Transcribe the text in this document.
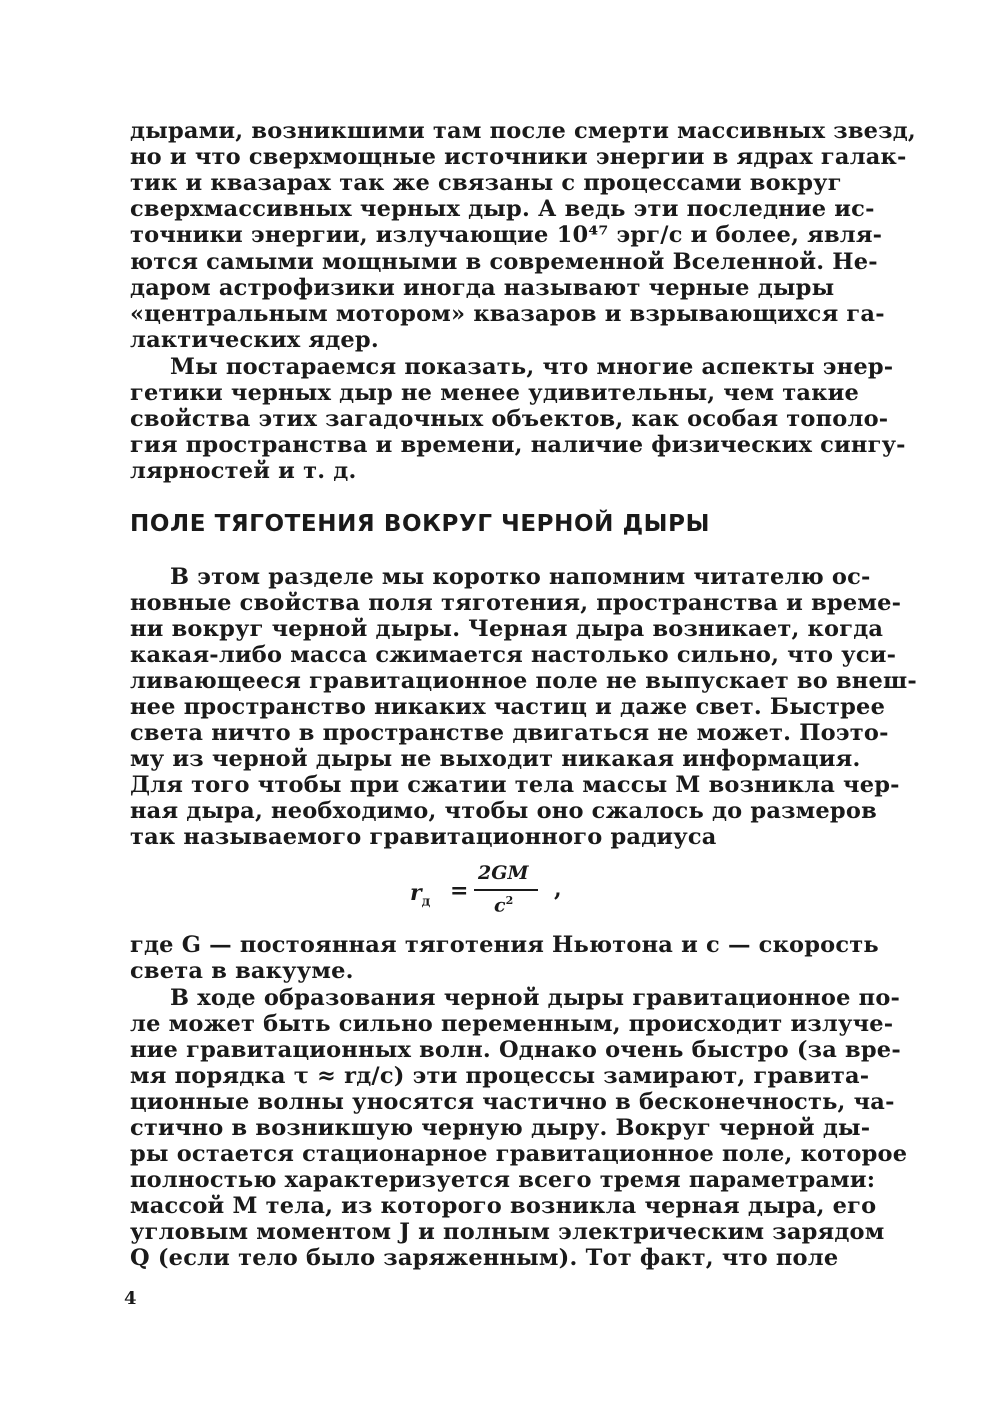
дырами, возникшими там после смерти массивных звезд,
но и что сверхмощные источники энергии в ядрах галак-
тик и квазарах так же связаны с процессами вокруг
сверхмассивных черных дыр. А ведь эти последние ис-
точники энергии, излучающие 10⁴⁷ эрг/с и более, явля-
ются самыми мощными в современной Вселенной. Не-
даром астрофизики иногда называют черные дыры
«центральным мотором» квазаров и взрывающихся га-
лактических ядер.
Мы постараемся показать, что многие аспекты энер-
гетики черных дыр не менее удивительны, чем такие
свойства этих загадочных объектов, как особая тополо-
гия пространства и времени, наличие физических сингу-
лярностей и т. д.
ПОЛЕ ТЯГОТЕНИЯ ВОКРУГ ЧЕРНОЙ ДЫРЫ
В этом разделе мы коротко напомним читателю ос-
новные свойства поля тяготения, пространства и време-
ни вокруг черной дыры. Черная дыра возникает, когда
какая-либо масса сжимается настолько сильно, что уси-
ливающееся гравитационное поле не выпускает во внеш-
нее пространство никаких частиц и даже свет. Быстрее
света ничто в пространстве двигаться не может. Поэто-
му из черной дыры не выходит никакая информация.
Для того чтобы при сжатии тела массы M возникла чер-
ная дыра, необходимо, чтобы оно сжалось до размеров
так называемого гравитационного радиуса
$r_д$ =
2GM
$c^2$ ,
где G — постоянная тяготения Ньютона и c — скорость
света в вакууме.
В ходе образования черной дыры гравитационное по-
ле может быть сильно переменным, происходит излуче-
ние гравитационных волн. Однако очень быстро (за вре-
мя порядка τ ≈ rд/c) эти процессы замирают, гравита-
ционные волны уносятся частично в бесконечность, ча-
стично в возникшую черную дыру. Вокруг черной ды-
ры остается стационарное гравитационное поле, которое
полностью характеризуется всего тремя параметрами:
массой M тела, из которого возникла черная дыра, его
угловым моментом J и полным электрическим зарядом
Q (если тело было заряженным). Тот факт, что поле
4
